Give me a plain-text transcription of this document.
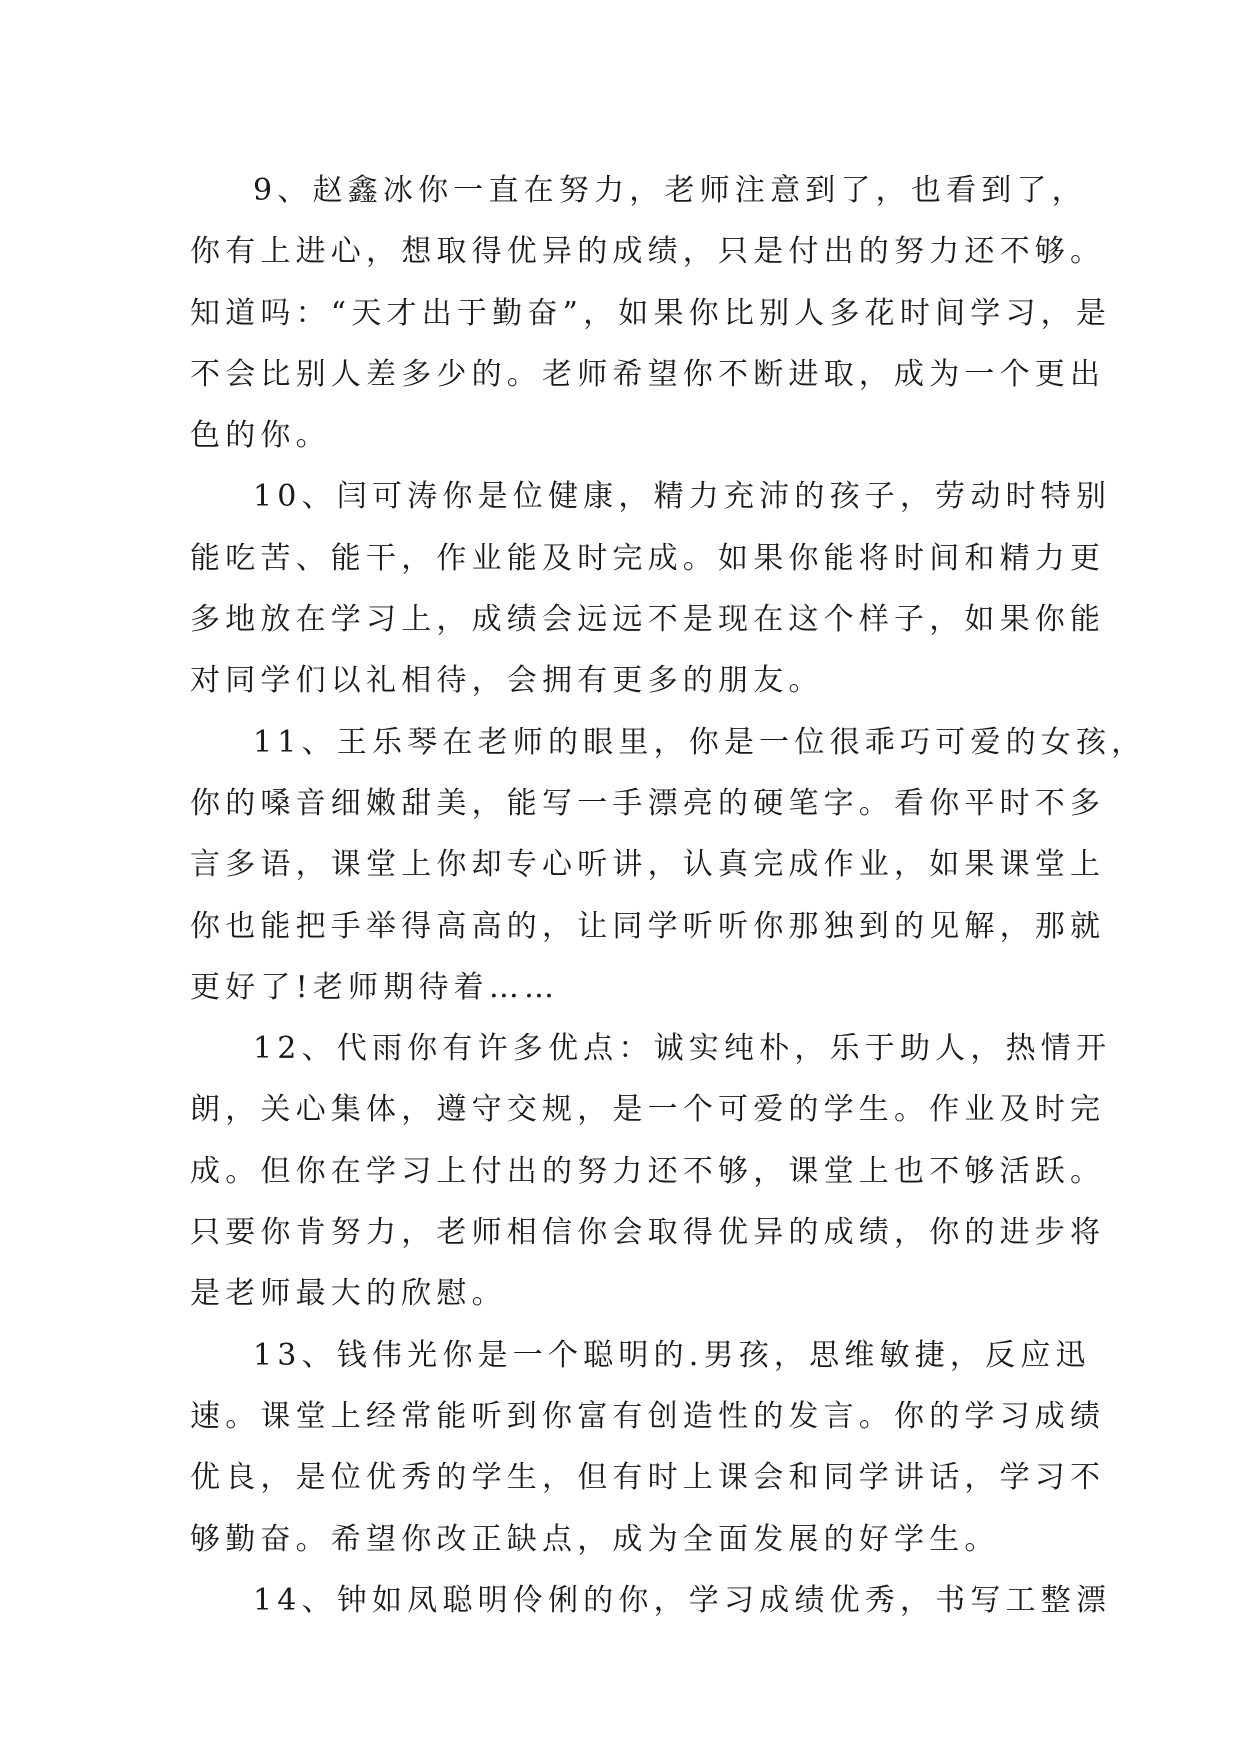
9、赵鑫冰你一直在努力，老师注意到了，也看到了，
你有上进心，想取得优异的成绩，只是付出的努力还不够。
知道吗：“天才出于勤奋”，如果你比别人多花时间学习，是
不会比别人差多少的。老师希望你不断进取，成为一个更出
色的你。
10、闫可涛你是位健康，精力充沛的孩子，劳动时特别
能吃苦、能干，作业能及时完成。如果你能将时间和精力更
多地放在学习上，成绩会远远不是现在这个样子，如果你能
对同学们以礼相待，会拥有更多的朋友。
11、王乐琴在老师的眼里，你是一位很乖巧可爱的女孩，
你的嗓音细嫩甜美，能写一手漂亮的硬笔字。看你平时不多
言多语，课堂上你却专心听讲，认真完成作业，如果课堂上
你也能把手举得高高的，让同学听听你那独到的见解，那就
更好了!老师期待着……
12、代雨你有许多优点：诚实纯朴，乐于助人，热情开
朗，关心集体，遵守交规，是一个可爱的学生。作业及时完
成。但你在学习上付出的努力还不够，课堂上也不够活跃。
只要你肯努力，老师相信你会取得优异的成绩，你的进步将
是老师最大的欣慰。
13、钱伟光你是一个聪明的.男孩，思维敏捷，反应迅
速。课堂上经常能听到你富有创造性的发言。你的学习成绩
优良，是位优秀的学生，但有时上课会和同学讲话，学习不
够勤奋。希望你改正缺点，成为全面发展的好学生。
14、钟如凤聪明伶俐的你，学习成绩优秀，书写工整漂
